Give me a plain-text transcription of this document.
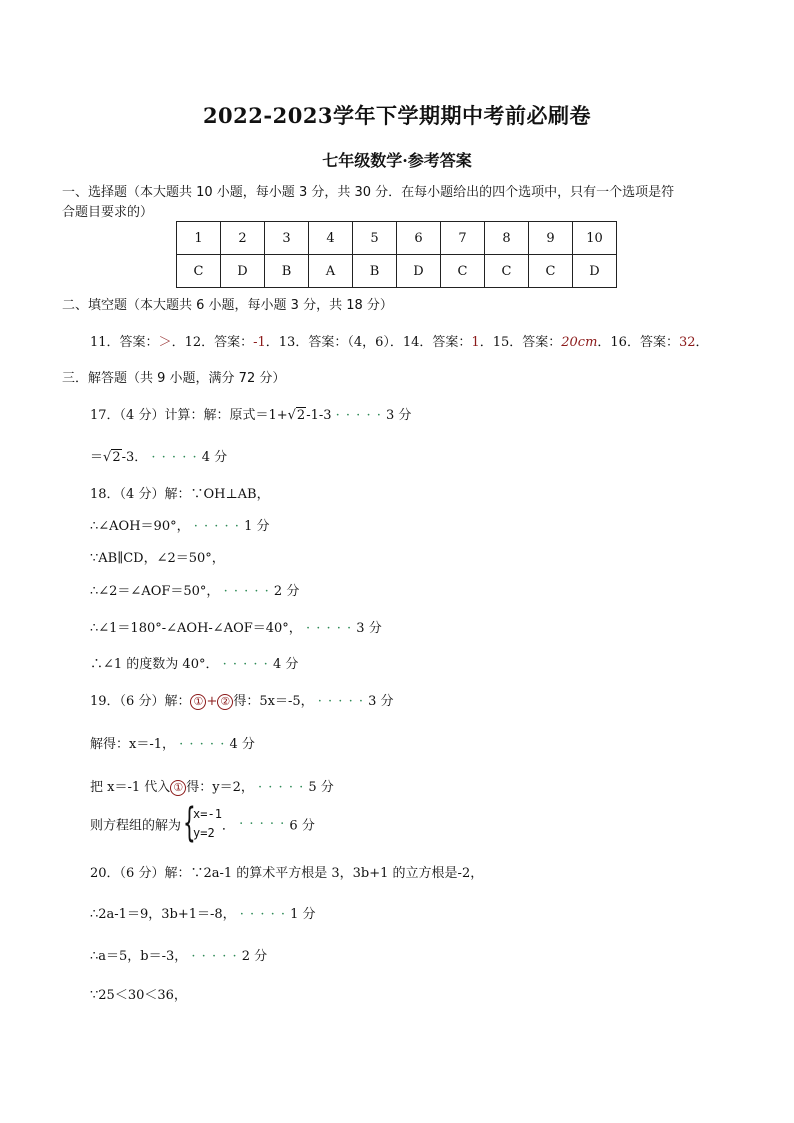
2022-2023学年下学期期中考前必刷卷
七年级数学·参考答案
一、选择题（本大题共 10 小题，每小题 3 分，共 30 分．在每小题给出的四个选项中，只有一个选项是符
合题目要求的）
1	2	3	4	5	6	7	8	9	10
C	D	B	A	B	D	C	C	C	D
二、填空题（本大题共 6 小题，每小题 3 分，共 18 分）
11．答案：＞．12．答案：-1．13．答案：（4，6）．14．答案：1．15．答案：20cm．16．答案：32．
三．解答题（共 9 小题，满分 72 分）
17．（4 分）计算：解：原式＝1+√2-1-3 · · · · · 3 分
＝√2-3． · · · · · 4 分
18．（4 分）解：∵OH⊥AB，
∴∠AOH＝90°， · · · · · 1 分
∵AB∥CD，∠2＝50°，
∴∠2＝∠AOF＝50°， · · · · · 2 分
∴∠1＝180°-∠AOH-∠AOF＝40°， · · · · · 3 分
∴∠1 的度数为 40°． · · · · · 4 分
19．（6 分）解： ① + ② 得：5x＝-5， · · · · · 3 分
解得：x＝-1， · · · · · 4 分
把 x＝-1 代入 ① 得：y＝2， · · · · · 5 分
则方程组的解为 {
x=-1
y=2 ． · · · · · 6 分
20．（6 分）解：∵2a-1 的算术平方根是 3，3b+1 的立方根是-2，
∴2a-1＝9，3b+1＝-8， · · · · · 1 分
∴a＝5，b＝-3， · · · · · 2 分
∵25＜30＜36，
